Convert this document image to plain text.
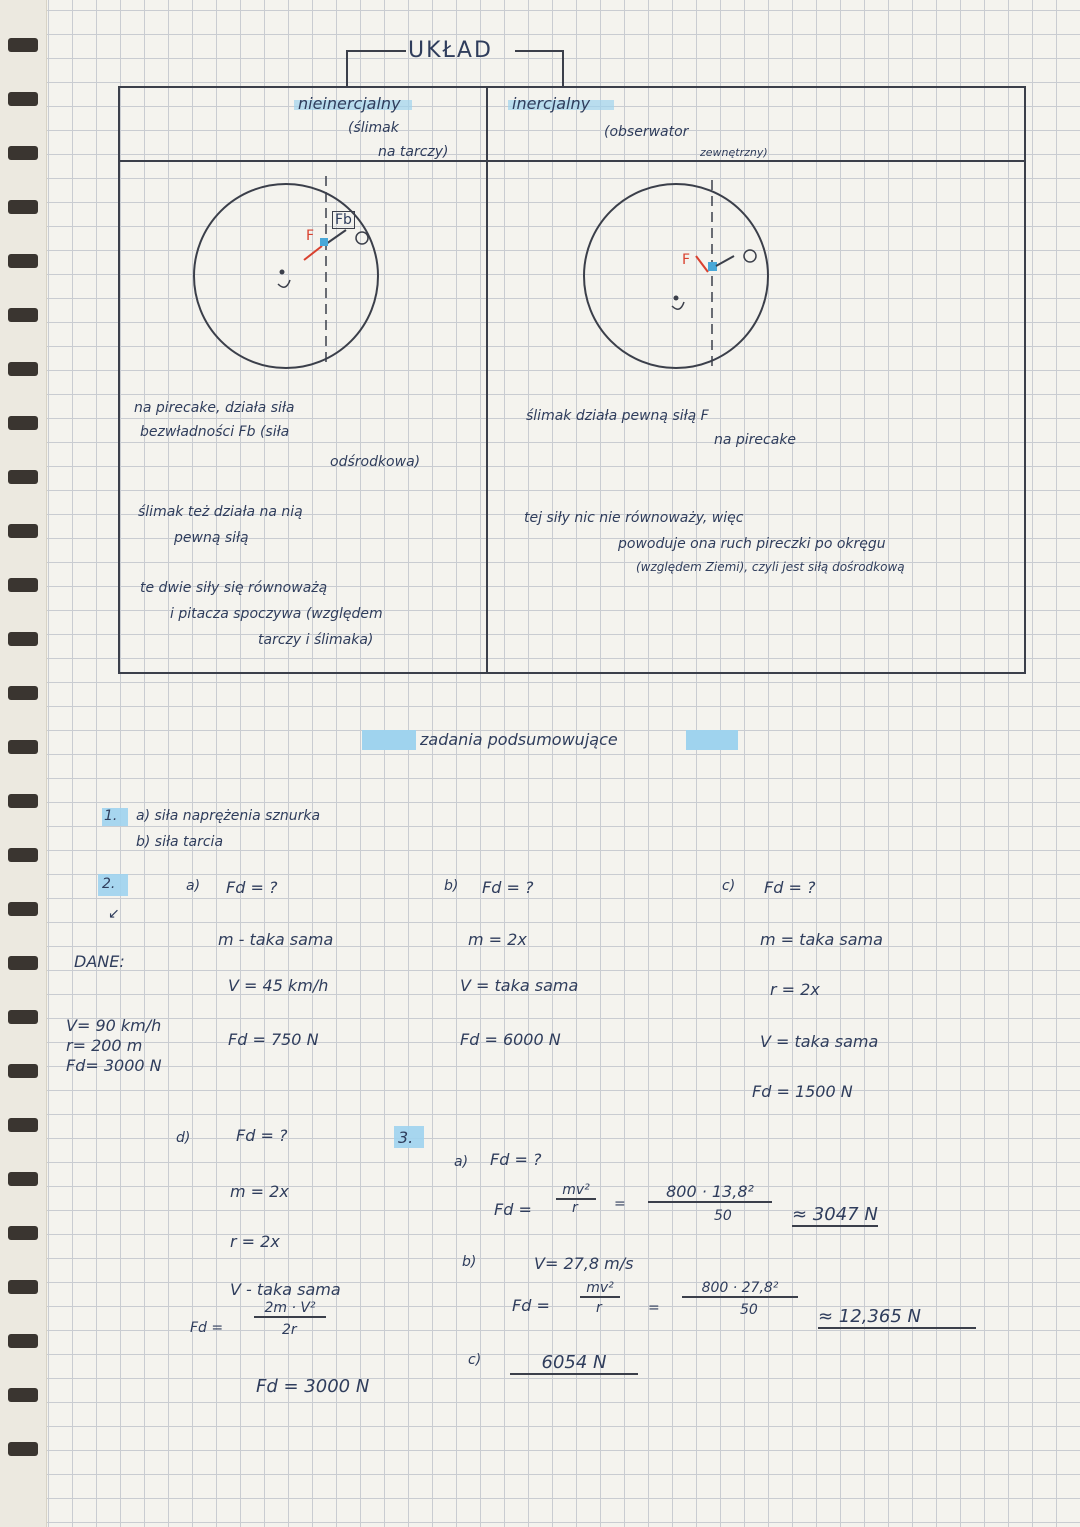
UKŁAD
nieinercjalny
(ślimak
na tarczy)
inercjalny
(obserwator
zewnętrzny)
Fb
F
F
na pirecake, działa siła
bezwładności Fb (siła
odśrodkowa)
ślimak też działa na nią
pewną siłą
te dwie siły się równoważą
i pitacza spoczywa (względem
tarczy i ślimaka)
ślimak działa pewną siłą F
na pirecake
tej siły nic nie równoważy, więc
powoduje ona ruch pireczki po okręgu
(względem Ziemi), czyli jest siłą dośrodkową
zadania podsumowujące
1. a) siła naprężenia sznurka
b) siła tarcia
2.
↙
DANE:
V= 90 km/h
r= 200 m
Fd= 3000 N
a) Fd = ?
m - taka sama
V = 45 km/h
Fd = 750 N
b) Fd = ?
m = 2x
V = taka sama
Fd = 6000 N
c) Fd = ?
m = taka sama
r = 2x
V = taka sama
Fd = 1500 N
d)	Fd = ?
m = 2x
r = 2x
V - taka sama
Fd =
2m · V²
2r
Fd = 3000 N
3.
a) Fd = ?
Fd =
mv²
r	=
800 · 13,8²
50	≈ 3047 N
b)	V= 27,8 m/s
Fd =
mv²
r	=
800 · 27,8²
50	≈ 12,365 N
c)	6054 N
